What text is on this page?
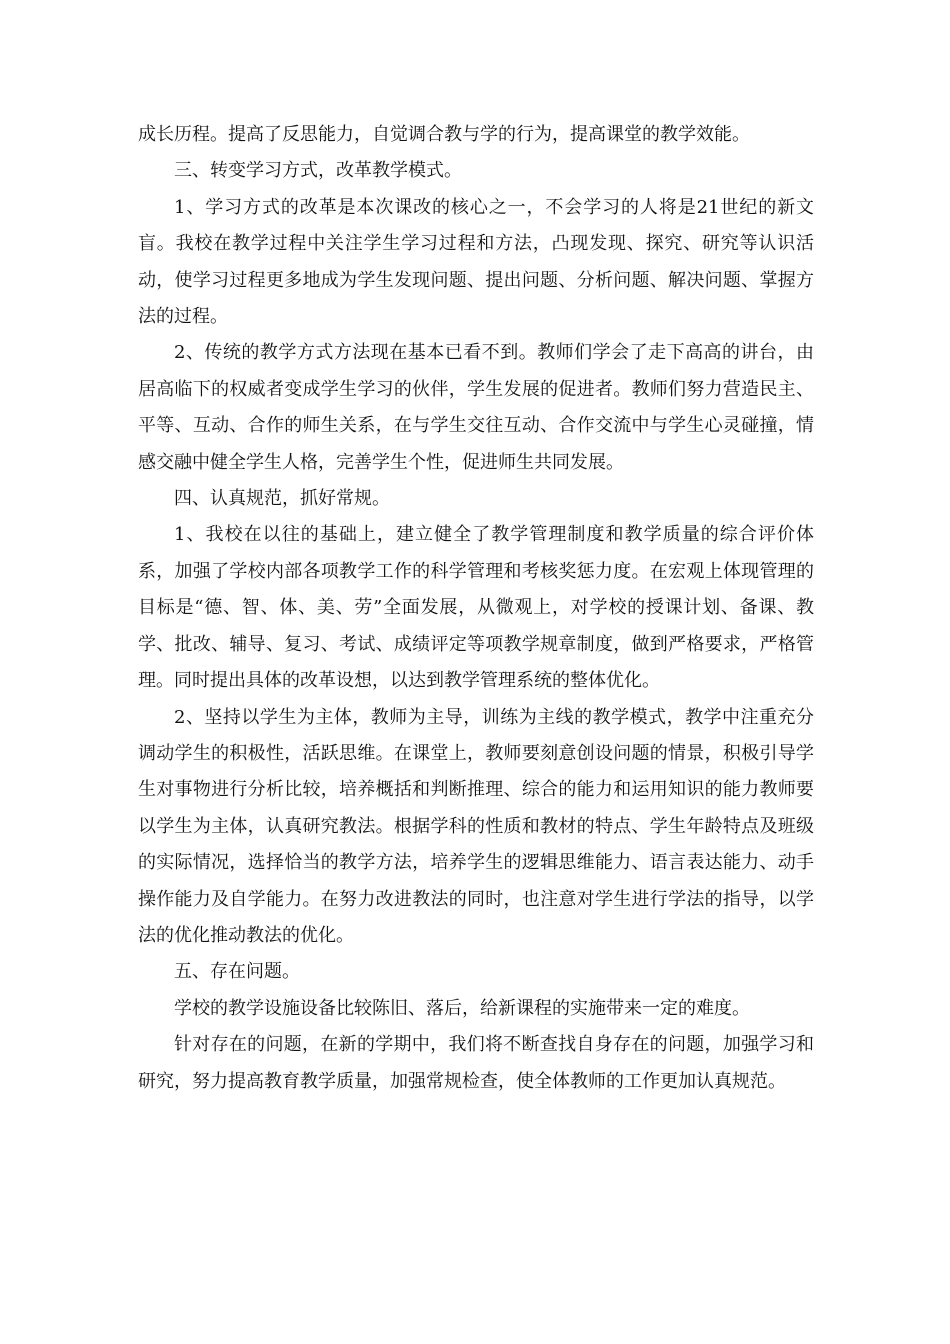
成长历程。提高了反思能力，自觉调合教与学的行为，提高课堂的教学效能。

三、转变学习方式，改革教学模式。

1、学习方式的改革是本次课改的核心之一，不会学习的人将是21世纪的新文盲。我校在教学过程中关注学生学习过程和方法，凸现发现、探究、研究等认识活动，使学习过程更多地成为学生发现问题、提出问题、分析问题、解决问题、掌握方法的过程。

2、传统的教学方式方法现在基本已看不到。教师们学会了走下高高的讲台，由居高临下的权威者变成学生学习的伙伴，学生发展的促进者。教师们努力营造民主、平等、互动、合作的师生关系，在与学生交往互动、合作交流中与学生心灵碰撞，情感交融中健全学生人格，完善学生个性，促进师生共同发展。

四、认真规范，抓好常规。

1、我校在以往的基础上，建立健全了教学管理制度和教学质量的综合评价体系，加强了学校内部各项教学工作的科学管理和考核奖惩力度。在宏观上体现管理的目标是“德、智、体、美、劳”全面发展，从微观上，对学校的授课计划、备课、教学、批改、辅导、复习、考试、成绩评定等项教学规章制度，做到严格要求，严格管理。同时提出具体的改革设想，以达到教学管理系统的整体优化。

2、坚持以学生为主体，教师为主导，训练为主线的教学模式，教学中注重充分调动学生的积极性，活跃思维。在课堂上，教师要刻意创设问题的情景，积极引导学生对事物进行分析比较，培养概括和判断推理、综合的能力和运用知识的能力教师要以学生为主体，认真研究教法。根据学科的性质和教材的特点、学生年龄特点及班级的实际情况，选择恰当的教学方法，培养学生的逻辑思维能力、语言表达能力、动手操作能力及自学能力。在努力改进教法的同时，也注意对学生进行学法的指导，以学法的优化推动教法的优化。

五、存在问题。

学校的教学设施设备比较陈旧、落后，给新课程的实施带来一定的难度。

针对存在的问题，在新的学期中，我们将不断查找自身存在的问题，加强学习和研究，努力提高教育教学质量，加强常规检查，使全体教师的工作更加认真规范。
